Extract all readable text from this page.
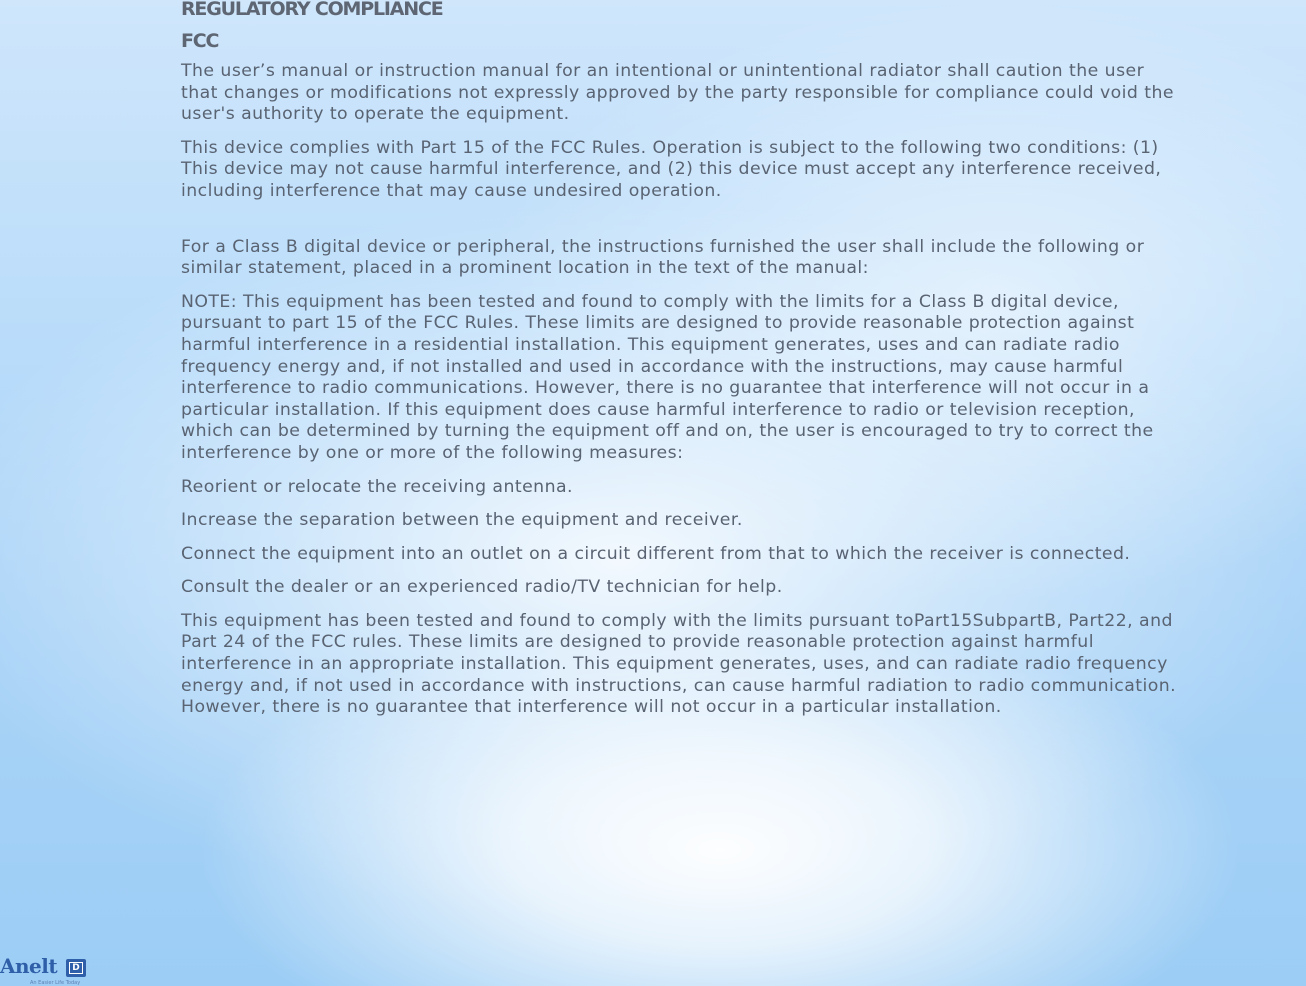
REGULATORY COMPLIANCE

FCC

The user’s manual or instruction manual for an intentional or unintentional radiator shall caution the user
that changes or modifications not expressly approved by the party responsible for compliance could void the
user's authority to operate the equipment.

This device complies with Part 15 of the FCC Rules. Operation is subject to the following two conditions: (1)
This device may not cause harmful interference, and (2) this device must accept any interference received,
including interference that may cause undesired operation.

For a Class B digital device or peripheral, the instructions furnished the user shall include the following or
similar statement, placed in a prominent location in the text of the manual:

NOTE: This equipment has been tested and found to comply with the limits for a Class B digital device,
pursuant to part 15 of the FCC Rules. These limits are designed to provide reasonable protection against
harmful interference in a residential installation. This equipment generates, uses and can radiate radio
frequency energy and, if not installed and used in accordance with the instructions, may cause harmful
interference to radio communications. However, there is no guarantee that interference will not occur in a
particular installation. If this equipment does cause harmful interference to radio or television reception,
which can be determined by turning the equipment off and on, the user is encouraged to try to correct the
interference by one or more of the following measures:

Reorient or relocate the receiving antenna.

Increase the separation between the equipment and receiver.

Connect the equipment into an outlet on a circuit different from that to which the receiver is connected.

Consult the dealer or an experienced radio/TV technician for help.

This equipment has been tested and found to comply with the limits pursuant toPart15SubpartB, Part22, and
Part 24 of the FCC rules. These limits are designed to provide reasonable protection against harmful
interference in an appropriate installation. This equipment generates, uses, and can radiate radio frequency
energy and, if not used in accordance with instructions, can cause harmful radiation to radio communication.
However, there is no guarantee that interference will not occur in a particular installation.

Anelt	D
An Easier Life Today
